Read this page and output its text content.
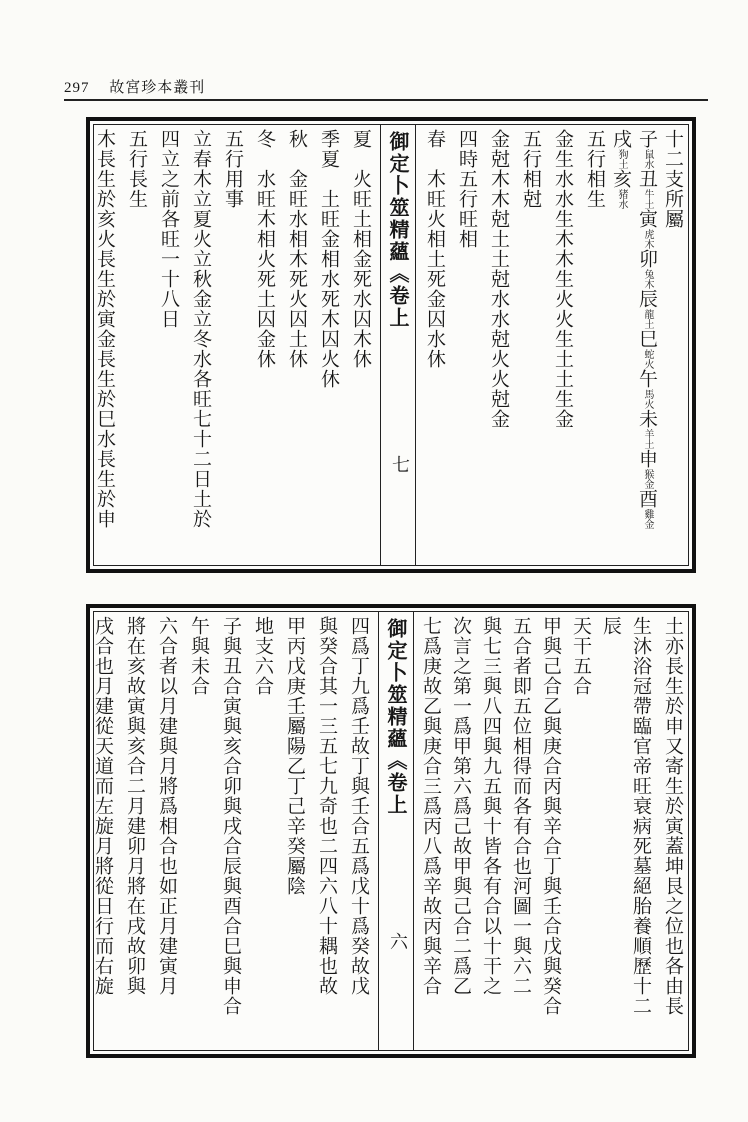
297 故宮珍本叢刊
十二支所屬
子鼠水丑牛土寅虎木卯兔木辰龍土巳蛇火午馬火未羊土申猴金酉雞金
戌狗土亥猪水
五行相生
金生水水生木木生火火生土土生金
五行相尅
金尅木木尅土土尅水水尅火火尅金
四時五行旺相
春　木旺火相土死金囚水休
御定卜筮精蘊《卷上
七
夏　火旺土相金死水囚木休
季夏　土旺金相水死木囚火休
秋　金旺水相木死火囚土休
冬　水旺木相火死土囚金休
五行用事
立春木立夏火立秋金立冬水各旺七十二日土於
四立之前各旺一十八日
五行長生
木長生於亥火長生於寅金長生於巳水長生於申
土亦長生於申又寄生於寅蓋坤艮之位也各由長
生沐浴冠帶臨官帝旺衰病死墓絕胎養順歷十二
辰
天干五合
甲與己合乙與庚合丙與辛合丁與壬合戊與癸合
五合者即五位相得而各有合也河圖一與六二
與七三與八四與九五與十皆各有合以十干之
次言之第一爲甲第六爲己故甲與己合二爲乙
七爲庚故乙與庚合三爲丙八爲辛故丙與辛合
御定卜筮精蘊《卷上
六
四爲丁九爲壬故丁與壬合五爲戊十爲癸故戊
與癸合其一三五七九奇也二四六八十耦也故
甲丙戊庚壬屬陽乙丁己辛癸屬陰
地支六合
子與丑合寅與亥合卯與戌合辰與酉合巳與申合
午與未合
六合者以月建與月將爲相合也如正月建寅月
將在亥故寅與亥合二月建卯月將在戌故卯與
戌合也月建從天道而左旋月將從日行而右旋
